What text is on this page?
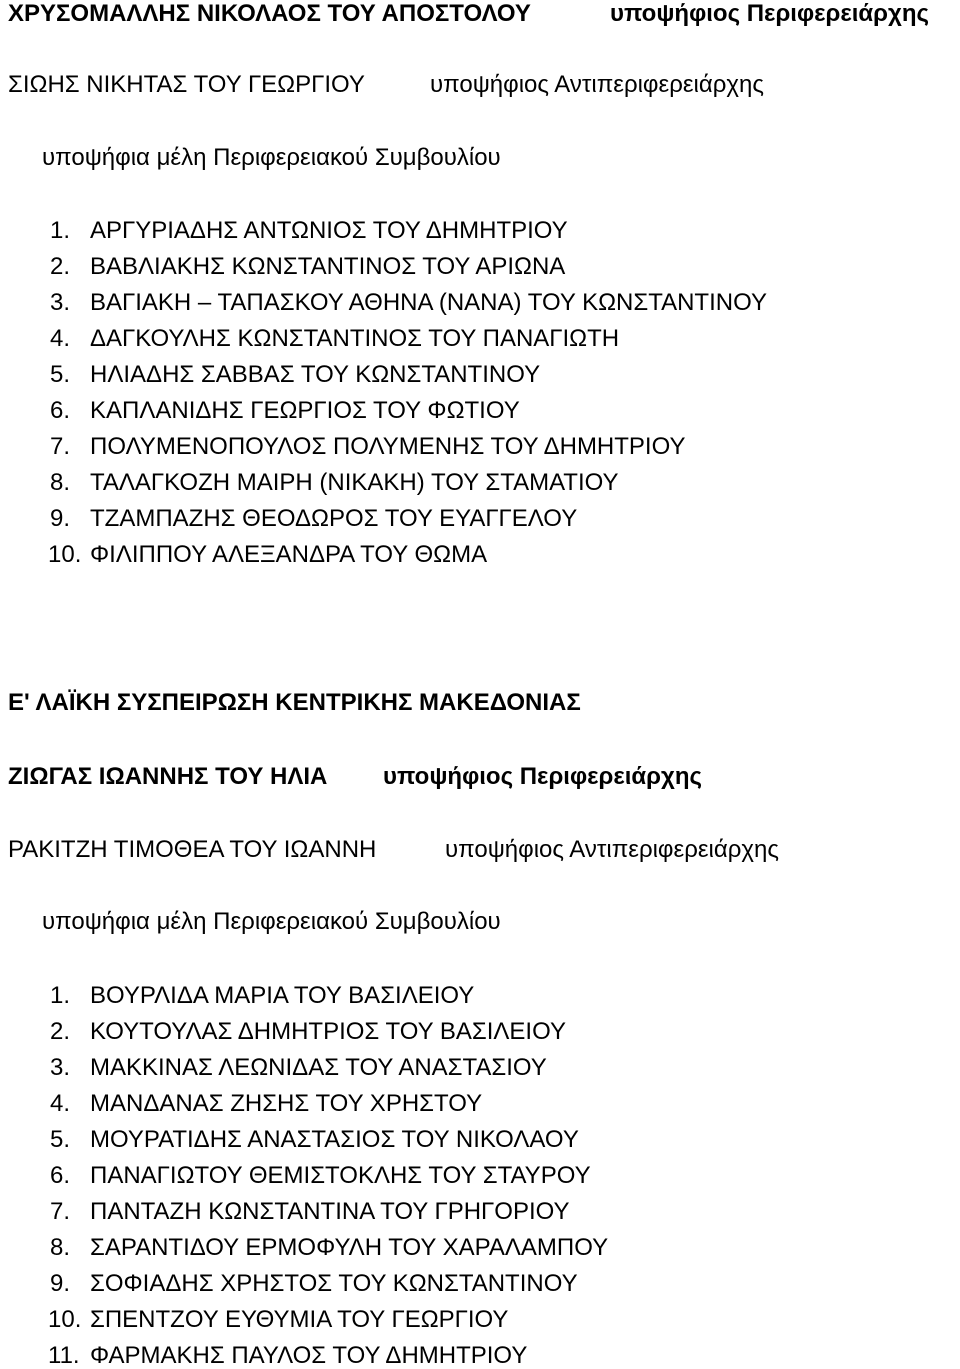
ΧΡΥΣΟΜΑΛΛΗΣ ΝΙΚΟΛΑΟΣ ΤΟΥ ΑΠΟΣΤΟΛΟΥ	υποψήφιος Περιφερειάρχης
ΣΙΩΗΣ ΝΙΚΗΤΑΣ ΤΟΥ ΓΕΩΡΓΙΟΥ	υποψήφιος Αντιπεριφερειάρχης
υποψήφια μέλη Περιφερειακού Συμβουλίου
1. ΑΡΓΥΡΙΑΔΗΣ ΑΝΤΩΝΙΟΣ ΤΟΥ ΔΗΜΗΤΡΙΟΥ
2. ΒΑΒΛΙΑΚΗΣ ΚΩΝΣΤΑΝΤΙΝΟΣ ΤΟΥ ΑΡΙΩΝΑ
3. ΒΑΓΙΑΚΗ – ΤΑΠΑΣΚΟΥ ΑΘΗΝΑ (ΝΑΝΑ) ΤΟΥ ΚΩΝΣΤΑΝΤΙΝΟΥ
4. ΔΑΓΚΟΥΛΗΣ ΚΩΝΣΤΑΝΤΙΝΟΣ ΤΟΥ ΠΑΝΑΓΙΩΤΗ
5. ΗΛΙΑΔΗΣ ΣΑΒΒΑΣ ΤΟΥ ΚΩΝΣΤΑΝΤΙΝΟΥ
6. ΚΑΠΛΑΝΙΔΗΣ ΓΕΩΡΓΙΟΣ ΤΟΥ ΦΩΤΙΟΥ
7. ΠΟΛΥΜΕΝΟΠΟΥΛΟΣ ΠΟΛΥΜΕΝΗΣ ΤΟΥ ΔΗΜΗΤΡΙΟΥ
8. ΤΑΛΑΓΚΟΖΗ ΜΑΙΡΗ (ΝΙΚΑΚΗ) ΤΟΥ ΣΤΑΜΑΤΙΟΥ
9. ΤΖΑΜΠΑΖΗΣ ΘΕΟΔΩΡΟΣ ΤΟΥ ΕΥΑΓΓΕΛΟΥ
10. ΦΙΛΙΠΠΟΥ ΑΛΕΞΑΝΔΡΑ ΤΟΥ ΘΩΜΑ
Ε' ΛΑΪΚΗ ΣΥΣΠΕΙΡΩΣΗ ΚΕΝΤΡΙΚΗΣ ΜΑΚΕΔΟΝΙΑΣ
ΖΙΩΓΑΣ ΙΩΑΝΝΗΣ ΤΟΥ ΗΛΙΑ υποψήφιος Περιφερειάρχης
ΡΑΚΙΤΖΗ ΤΙΜΟΘΕΑ ΤΟΥ ΙΩΑΝΝΗ	υποψήφιος Αντιπεριφερειάρχης
υποψήφια μέλη Περιφερειακού Συμβουλίου
1. ΒΟΥΡΛΙΔΑ ΜΑΡΙΑ ΤΟΥ ΒΑΣΙΛΕΙΟΥ
2. ΚΟΥΤΟΥΛΑΣ ΔΗΜΗΤΡΙΟΣ ΤΟΥ ΒΑΣΙΛΕΙΟΥ
3. ΜΑΚΚΙΝΑΣ ΛΕΩΝΙΔΑΣ ΤΟΥ ΑΝΑΣΤΑΣΙΟΥ
4. ΜΑΝΔΑΝΑΣ ΖΗΣΗΣ ΤΟΥ ΧΡΗΣΤΟΥ
5. ΜΟΥΡΑΤΙΔΗΣ ΑΝΑΣΤΑΣΙΟΣ ΤΟΥ ΝΙΚΟΛΑΟΥ
6. ΠΑΝΑΓΙΩΤΟΥ ΘΕΜΙΣΤΟΚΛΗΣ ΤΟΥ ΣΤΑΥΡΟΥ
7. ΠΑΝΤΑΖΗ ΚΩΝΣΤΑΝΤΙΝΑ ΤΟΥ ΓΡΗΓΟΡΙΟΥ
8. ΣΑΡΑΝΤΙΔΟΥ ΕΡΜΟΦΥΛΗ ΤΟΥ ΧΑΡΑΛΑΜΠΟΥ
9. ΣΟΦΙΑΔΗΣ ΧΡΗΣΤΟΣ ΤΟΥ ΚΩΝΣΤΑΝΤΙΝΟΥ
10. ΣΠΕΝΤΖΟΥ ΕΥΘΥΜΙΑ ΤΟΥ ΓΕΩΡΓΙΟΥ
11. ΦΑΡΜΑΚΗΣ ΠΑΥΛΟΣ ΤΟΥ ΔΗΜΗΤΡΙΟΥ
